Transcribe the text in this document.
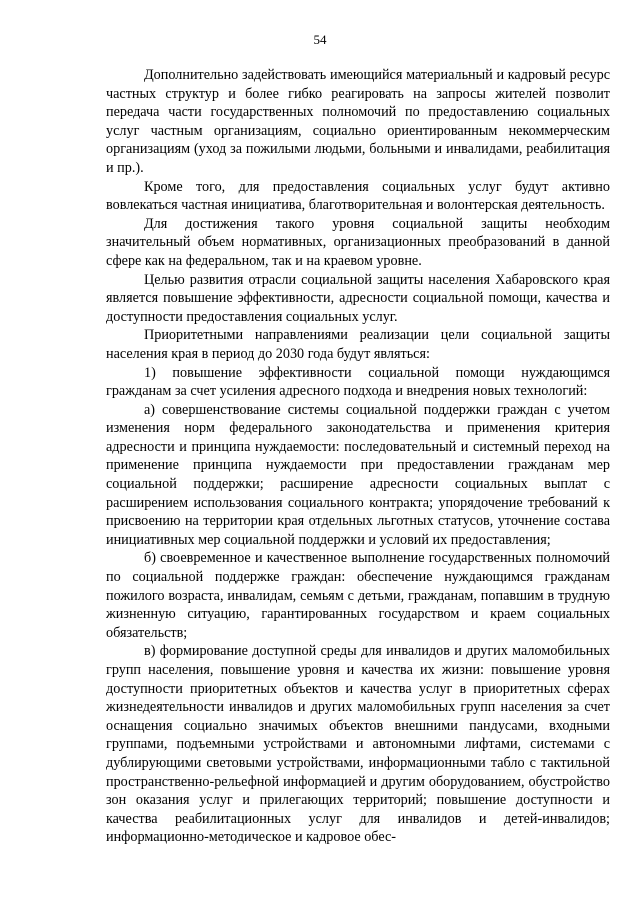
54

Дополнительно задействовать имеющийся материальный и кадровый ресурс частных структур и более гибко реагировать на запросы жителей позволит передача части государственных полномочий по предоставлению социальных услуг частным организациям, социально ориентированным некоммерческим организациям (уход за пожилыми людьми, больными и инвалидами, реабилитация и пр.).

Кроме того, для предоставления социальных услуг будут активно вовлекаться частная инициатива, благотворительная и волонтерская деятельность.

Для достижения такого уровня социальной защиты необходим значительный объем нормативных, организационных преобразований в данной сфере как на федеральном, так и на краевом уровне.

Целью развития отрасли социальной защиты населения Хабаровского края является повышение эффективности, адресности социальной помощи, качества и доступности предоставления социальных услуг.

Приоритетными направлениями реализации цели социальной защиты населения края в период до 2030 года будут являться:

1) повышение эффективности социальной помощи нуждающимся гражданам за счет усиления адресного подхода и внедрения новых технологий:

а) совершенствование системы социальной поддержки граждан с учетом изменения норм федерального законодательства и применения критерия адресности и принципа нуждаемости: последовательный и системный переход на применение принципа нуждаемости при предоставлении гражданам мер социальной поддержки; расширение адресности социальных выплат с расширением использования социального контракта; упорядочение требований к присвоению на территории края отдельных льготных статусов, уточнение состава инициативных мер социальной поддержки и условий их предоставления;

б) своевременное и качественное выполнение государственных полномочий по социальной поддержке граждан: обеспечение нуждающимся гражданам пожилого возраста, инвалидам, семьям с детьми, гражданам, попавшим в трудную жизненную ситуацию, гарантированных государством и краем социальных обязательств;

в) формирование доступной среды для инвалидов и других маломобильных групп населения, повышение уровня и качества их жизни: повышение уровня доступности приоритетных объектов и качества услуг в приоритетных сферах жизнедеятельности инвалидов и других маломобильных групп населения за счет оснащения социально значимых объектов внешними пандусами, входными группами, подъемными устройствами и автономными лифтами, системами с дублирующими световыми устройствами, информационными табло с тактильной пространственно-рельефной информацией и другим оборудованием, обустройство зон оказания услуг и прилегающих территорий; повышение доступности и качества реабилитационных услуг для инвалидов и детей-инвалидов; информационно-методическое и кадровое обес-
